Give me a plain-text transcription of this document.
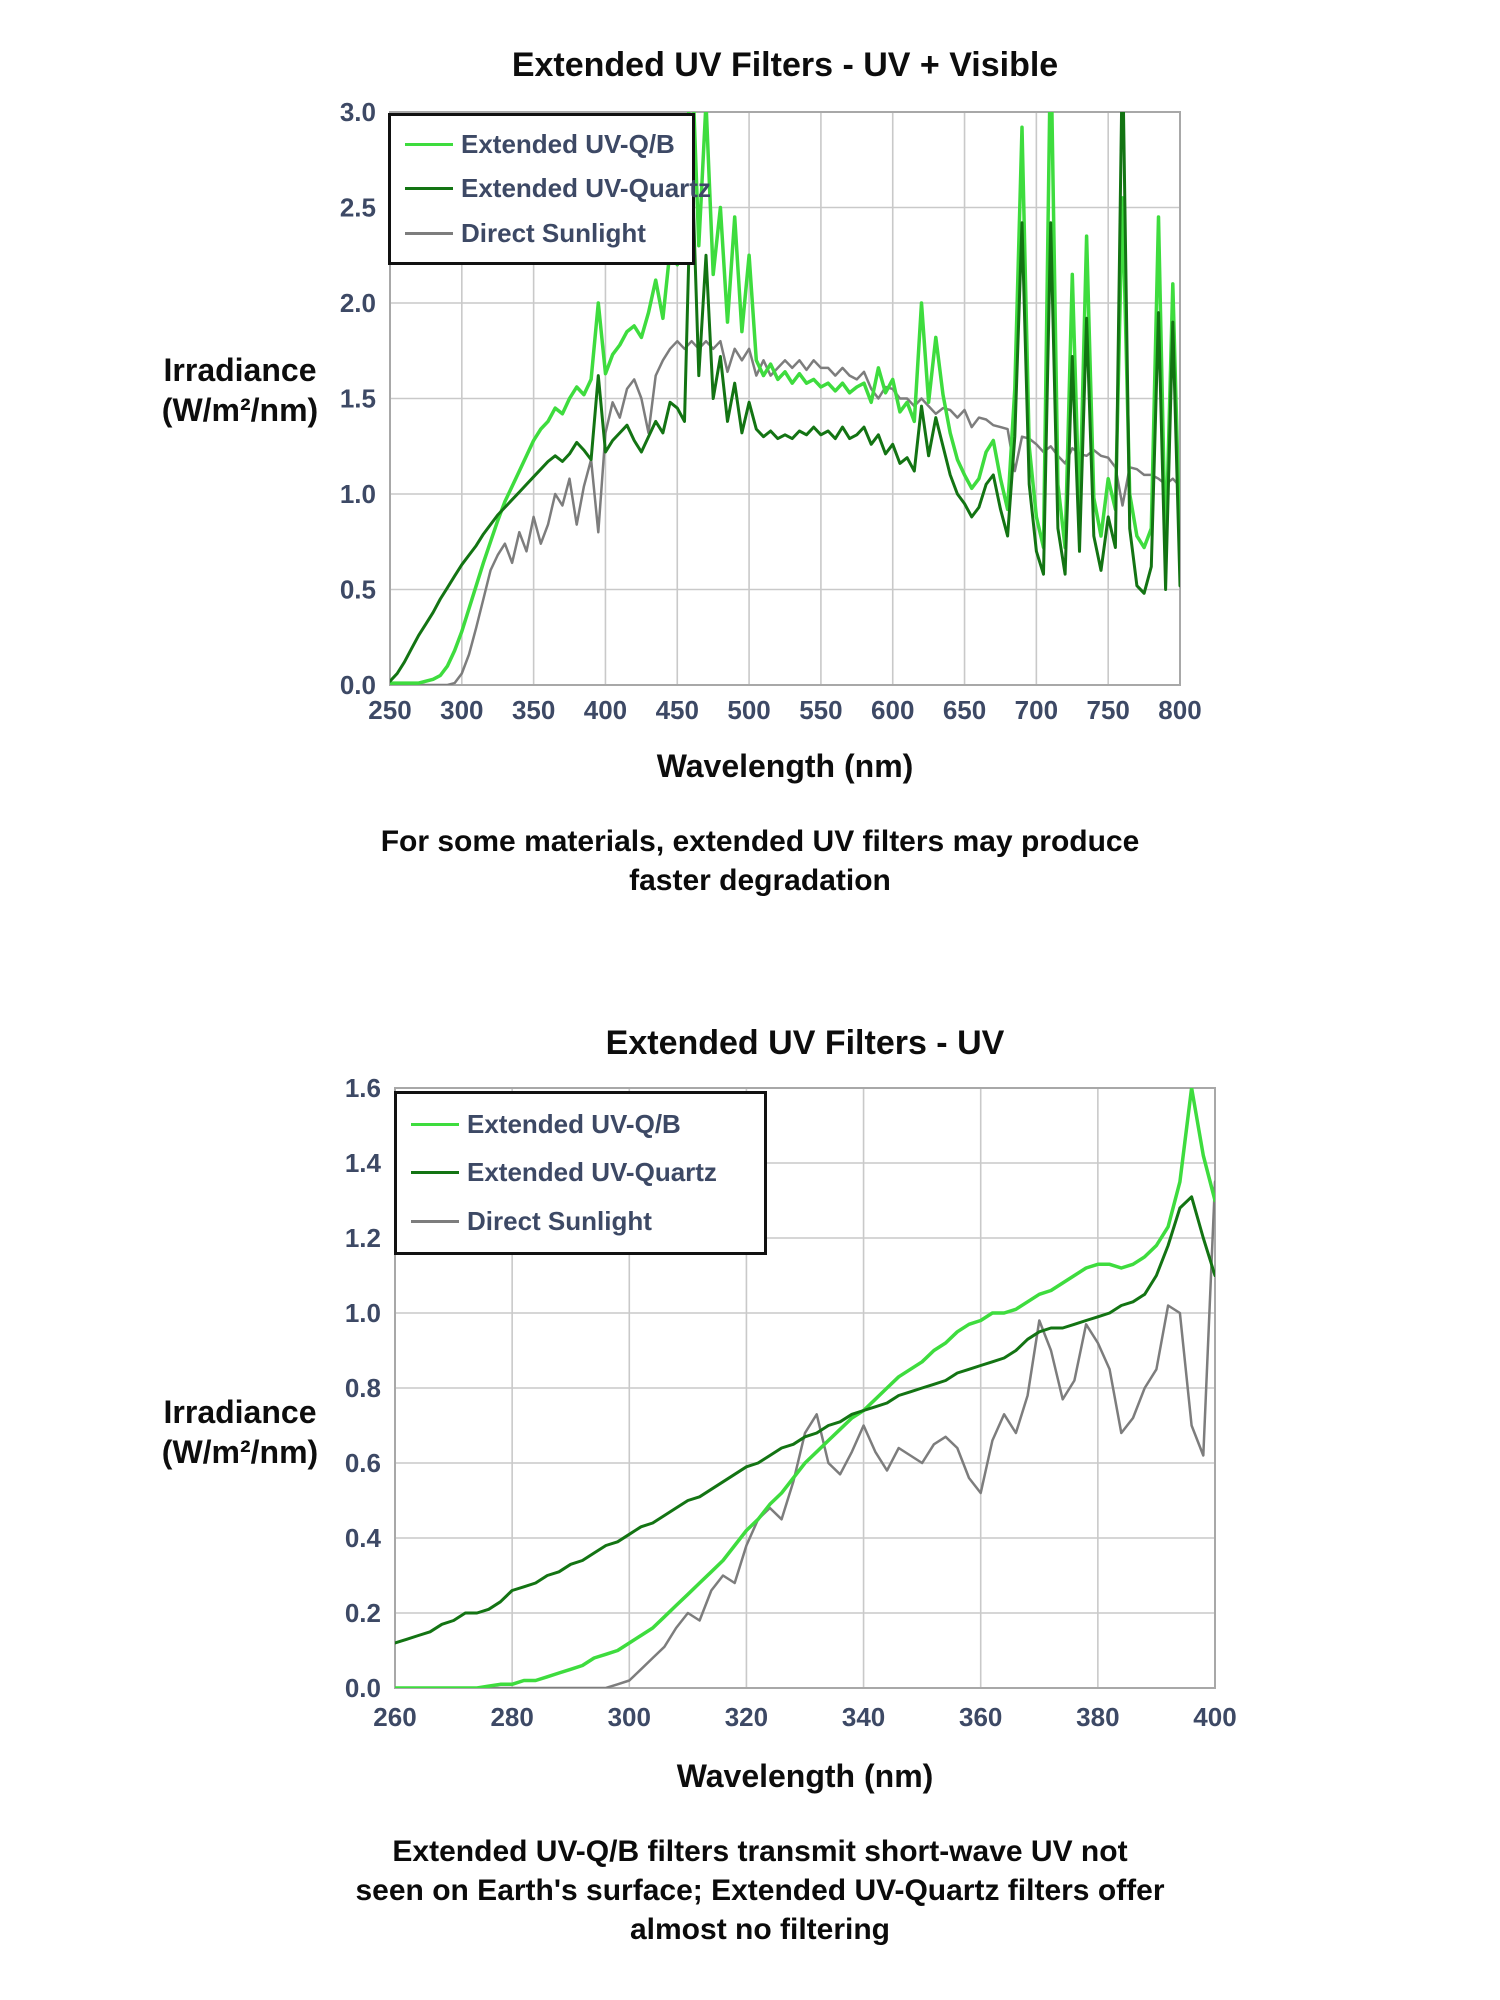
250 300 350 400 450 500 550 600 650 700 750 800
3.0
2.5
2.0
1.5
1.0
0.5
0.0
260	280	300	320	340	360	380	400
1.6
1.4
1.2
1.0
0.8
0.6
0.4
0.2
0.0
Extended UV Filters - UV + Visible
Irradiance
(W/m²/nm)
Wavelength (nm)
Extended UV-Q/B
Extended UV-Quartz
Direct Sunlight
For some materials, extended UV filters may produce
faster degradation
Extended UV Filters - UV
Irradiance
(W/m²/nm)
Wavelength (nm)
Extended UV-Q/B
Extended UV-Quartz
Direct Sunlight
Extended UV-Q/B filters transmit short-wave UV not
seen on Earth's surface; Extended UV-Quartz filters offer
almost no filtering
